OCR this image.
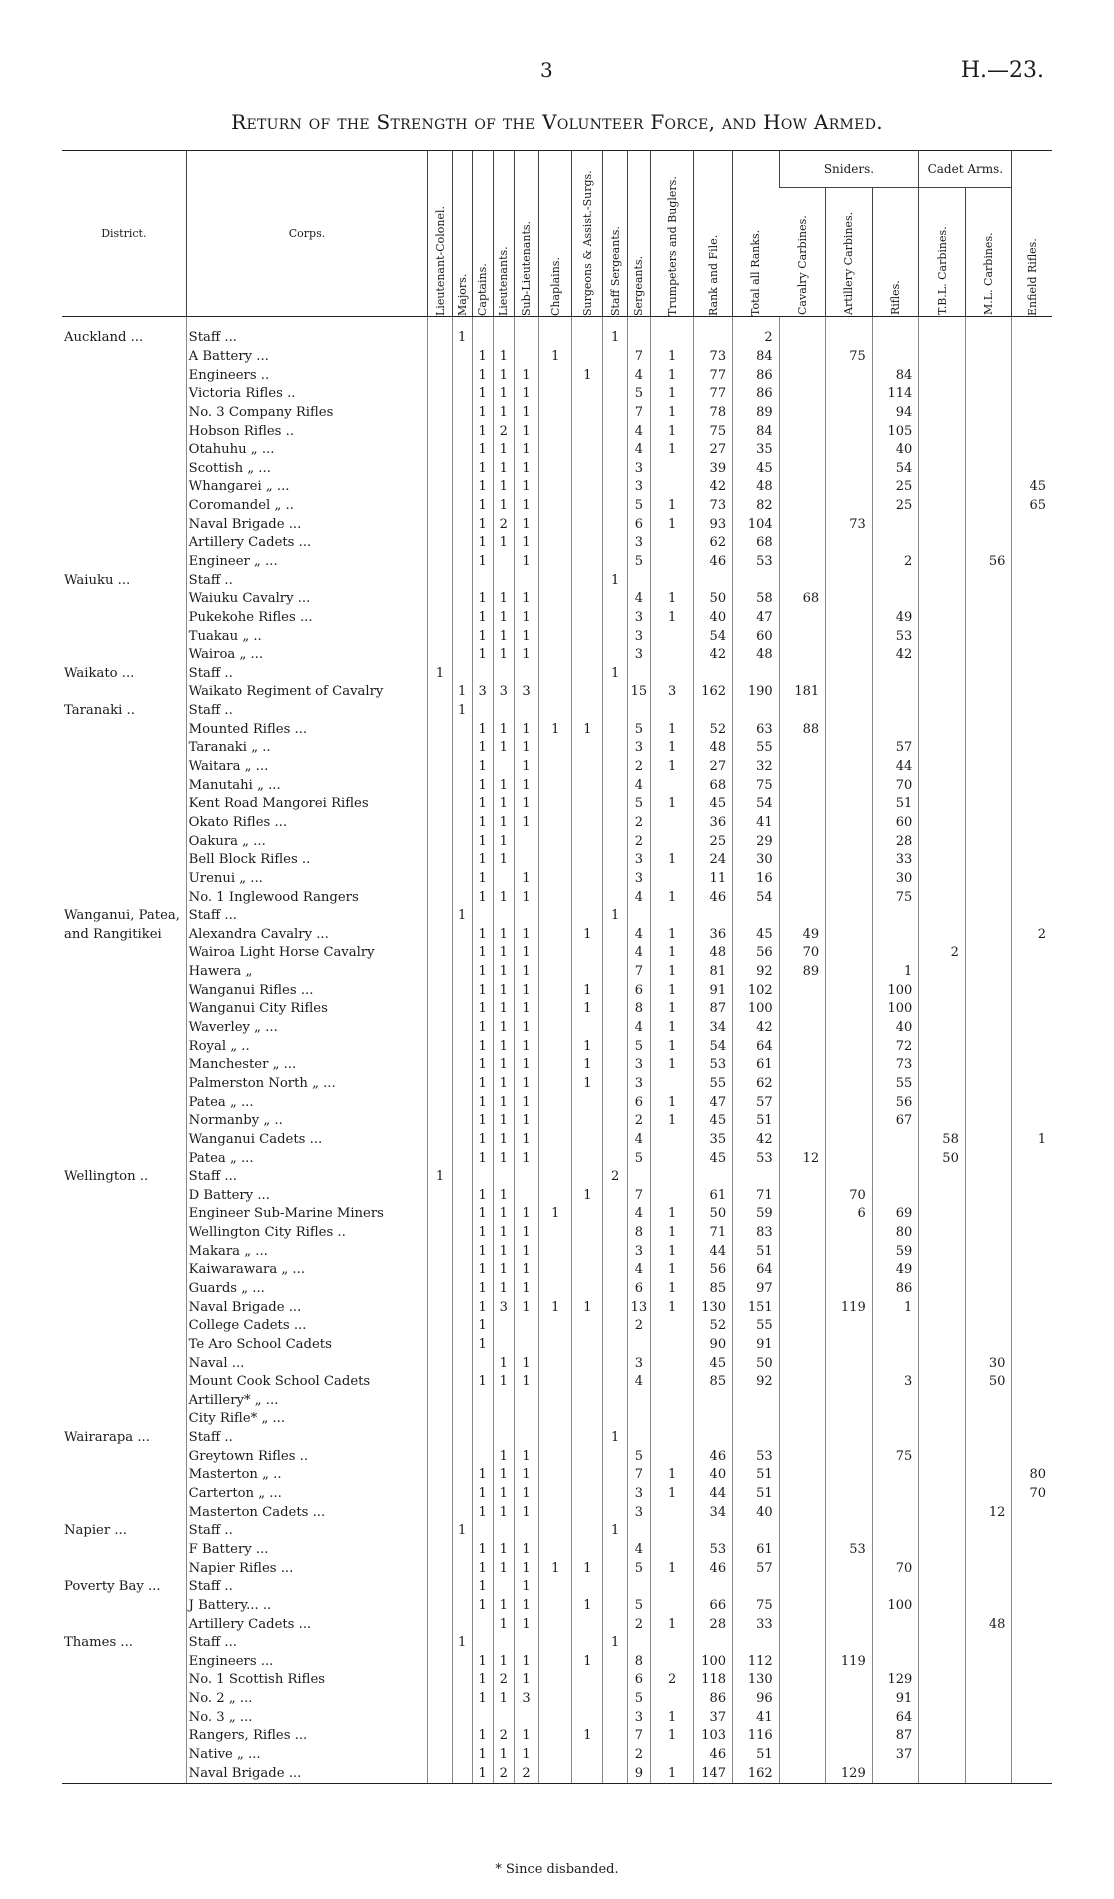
3	H.—23.
Return of the Strength of the Volunteer Force, and How Armed.
District.	Corps.	Lieutenant-Colonel.	Majors.	Captains.	Lieutenants.	Sub-Lieutenants.	Chaplains.	Surgeons & Assist.-Surgs.	Staff Sergeants.	Sergeants.	Trumpeters and Buglers.	Rank and File.	Total all Ranks.	Sniders.			Cadet Arms.		Enfield Rifles.

														Cavalry Carbines.	Artillery Carbines.	Rifles.	T.B.L. Carbines.	M.L. Carbines.	

Auckland ...	Staff ...		1						1				2						
	A Battery ...			1	1		1			7	1	73	84		75				
	Engineers ..			1	1	1		1		4	1	77	86			84			
	Victoria Rifles ..			1	1	1				5	1	77	86			114			
	No. 3 Company Rifles			1	1	1				7	1	78	89			94			
	Hobson Rifles ..			1	2	1				4	1	75	84			105			
	Otahuhu „ ...			1	1	1				4	1	27	35			40			
	Scottish „ ...			1	1	1				3		39	45			54			
	Whangarei „ ...			1	1	1				3		42	48			25			45
	Coromandel „ ..			1	1	1				5	1	73	82			25			65
	Naval Brigade ...			1	2	1				6	1	93	104		73				
	Artillery Cadets ...			1	1	1				3		62	68						
	Engineer „ ...			1		1				5		46	53			2		56	
Waiuku ...	Staff ..								1										
	Waiuku Cavalry ...			1	1	1				4	1	50	58	68					
	Pukekohe Rifles ...			1	1	1				3	1	40	47			49			
	Tuakau „ ..			1	1	1				3		54	60			53			
	Wairoa „ ...			1	1	1				3		42	48			42			
Waikato ...	Staff ..	1							1										
	Waikato Regiment of Cavalry		1	3	3	3				15	3	162	190	181					
Taranaki ..	Staff ..		1																
	Mounted Rifles ...			1	1	1	1	1		5	1	52	63	88					
	Taranaki „ ..			1	1	1				3	1	48	55			57			
	Waitara „ ...			1		1				2	1	27	32			44			
	Manutahi „ ...			1	1	1				4		68	75			70			
	Kent Road Mangorei Rifles			1	1	1				5	1	45	54			51			
	Okato Rifles ...			1	1	1				2		36	41			60			
	Oakura „ ...			1	1					2		25	29			28			
	Bell Block Rifles ..			1	1					3	1	24	30			33			
	Urenui „ ...			1		1				3		11	16			30			
	No. 1 Inglewood Rangers			1	1	1				4	1	46	54			75			
Wanganui, Patea,	Staff ...		1						1										
and Rangitikei	Alexandra Cavalry ...			1	1	1		1		4	1	36	45	49					2
	Wairoa Light Horse Cavalry			1	1	1				4	1	48	56	70			2		
	Hawera „			1	1	1				7	1	81	92	89		1			
	Wanganui Rifles ...			1	1	1		1		6	1	91	102			100			
	Wanganui City Rifles			1	1	1		1		8	1	87	100			100			
	Waverley „ ...			1	1	1				4	1	34	42			40			
	Royal „ ..			1	1	1		1		5	1	54	64			72			
	Manchester „ ...			1	1	1		1		3	1	53	61			73			
	Palmerston North „ ...			1	1	1		1		3		55	62			55			
	Patea „ ...			1	1	1				6	1	47	57			56			
	Normanby „ ..			1	1	1				2	1	45	51			67			
	Wanganui Cadets ...			1	1	1				4		35	42				58		1
	Patea „ ...			1	1	1				5		45	53	12			50		
Wellington ..	Staff ...	1							2										
	D Battery ...			1	1			1		7		61	71		70				
	Engineer Sub-Marine Miners			1	1	1	1			4	1	50	59		6	69			
	Wellington City Rifles ..			1	1	1				8	1	71	83			80			
	Makara „ ...			1	1	1				3	1	44	51			59			
	Kaiwarawara „ ...			1	1	1				4	1	56	64			49			
	Guards „ ...			1	1	1				6	1	85	97			86			
	Naval Brigade ...			1	3	1	1	1		13	1	130	151		119	1			
	College Cadets ...			1						2		52	55						
	Te Aro School Cadets			1								90	91						
	Naval ...				1	1				3		45	50					30	
	Mount Cook School Cadets			1	1	1				4		85	92			3		50	
	Artillery* „ ...																		
	City Rifle* „ ...																		
Wairarapa ...	Staff ..								1										
	Greytown Rifles ..				1	1				5		46	53			75			
	Masterton „ ..			1	1	1				7	1	40	51						80
	Carterton „ ...			1	1	1				3	1	44	51						70
	Masterton Cadets ...			1	1	1				3		34	40					12	
Napier ...	Staff ..		1						1										
	F Battery ...			1	1	1				4		53	61		53				
	Napier Rifles ...			1	1	1	1	1		5	1	46	57			70			
Poverty Bay ...	Staff ..			1		1													
	J Battery... ..			1	1	1		1		5		66	75			100			
	Artillery Cadets ...				1	1				2	1	28	33					48	
Thames ...	Staff ...		1						1										
	Engineers ...			1	1	1		1		8		100	112		119				
	No. 1 Scottish Rifles			1	2	1				6	2	118	130			129			
	No. 2 „ ...			1	1	3				5		86	96			91			
	No. 3 „ ...									3	1	37	41			64			
	Rangers, Rifles ...			1	2	1		1		7	1	103	116			87			
	Native „ ...			1	1	1				2		46	51			37			
	Naval Brigade ...			1	2	2				9	1	147	162		129				
* Since disbanded.
